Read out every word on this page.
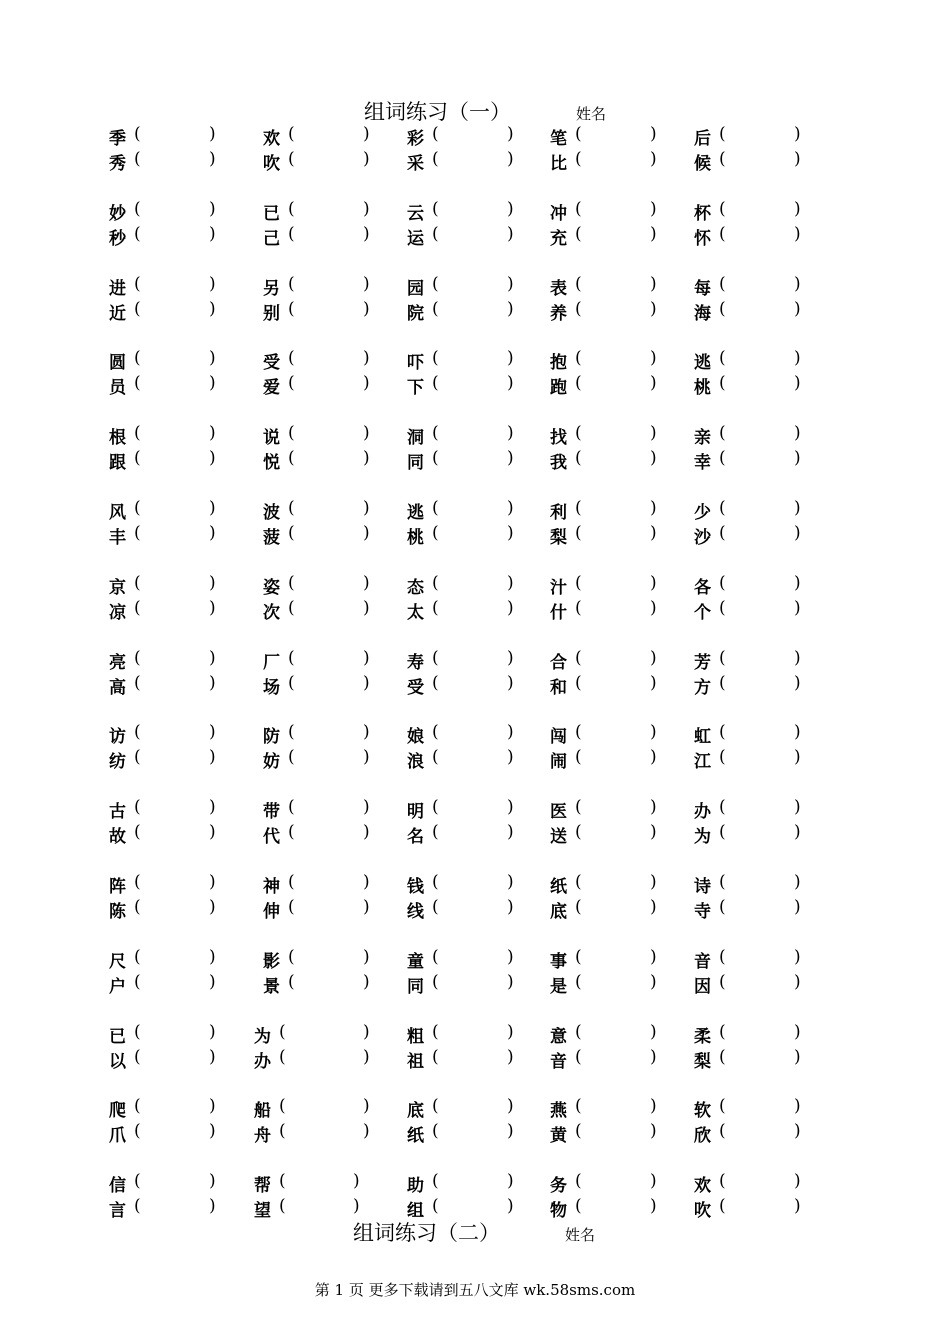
组词练习（一）	姓名
季 (	)	欢 (	) 彩 (	) 笔 (	) 后 (	)
秀 (	)	吹 (	) 采 (	) 比 (	) 候 (	)
妙 (	)	已 (	) 云 (	) 冲 (	) 杯 (	)
秒 (	)	己 (	) 运 (	) 充 (	) 怀 (	)
进 (	)	另 (	) 园 (	) 表 (	) 每 (	)
近 (	)	别 (	) 院 (	) 养 (	) 海 (	)
圆 (	)	受 (	) 吓 (	) 抱 (	) 逃 (	)
员 (	)	爱 (	) 下 (	) 跑 (	) 桃 (	)
根 (	)	说 (	) 洞 (	) 找 (	) 亲 (	)
跟 (	)	悦 (	) 同 (	) 我 (	) 幸 (	)
风 (	)	波 (	) 逃 (	) 利 (	) 少 (	)
丰 (	)	菠 (	) 桃 (	) 梨 (	) 沙 (	)
京 (	)	姿 (	) 态 (	) 汁 (	) 各 (	)
凉 (	)	次 (	) 太 (	) 什 (	) 个 (	)
亮 (	)	厂 (	) 寿 (	) 合 (	) 芳 (	)
高 (	)	场 (	) 受 (	) 和 (	) 方 (	)
访 (	)	防 (	) 娘 (	) 闯 (	) 虹 (	)
纺 (	)	妨 (	) 浪 (	) 闹 (	) 江 (	)
古 (	)	带 (	) 明 (	) 医 (	) 办 (	)
故 (	)	代 (	) 名 (	) 送 (	) 为 (	)
阵 (	)	神 (	) 钱 (	) 纸 (	) 诗 (	)
陈 (	)	伸 (	) 线 (	) 底 (	) 寺 (	)
尺 (	)	影 (	) 童 (	) 事 (	) 音 (	)
户 (	)	景 (	) 同 (	) 是 (	) 因 (	)
已 (	) 为 (	) 粗 (	) 意 (	) 柔 (	)
以 (	) 办 (	) 祖 (	) 音 (	) 梨 (	)
爬 (	) 船 (	) 底 (	) 燕 (	) 软 (	)
爪 (	) 舟 (	) 纸 (	) 黄 (	) 欣 (	)
信 (	) 帮 (	)	助 (	) 务 (	) 欢 (	)
言 (	) 望 (	)	组 (	) 物 (	) 吹 (	)
组词练习（二）	姓名
第 1 页 更多下载请到五八文库 wk.58sms.com
